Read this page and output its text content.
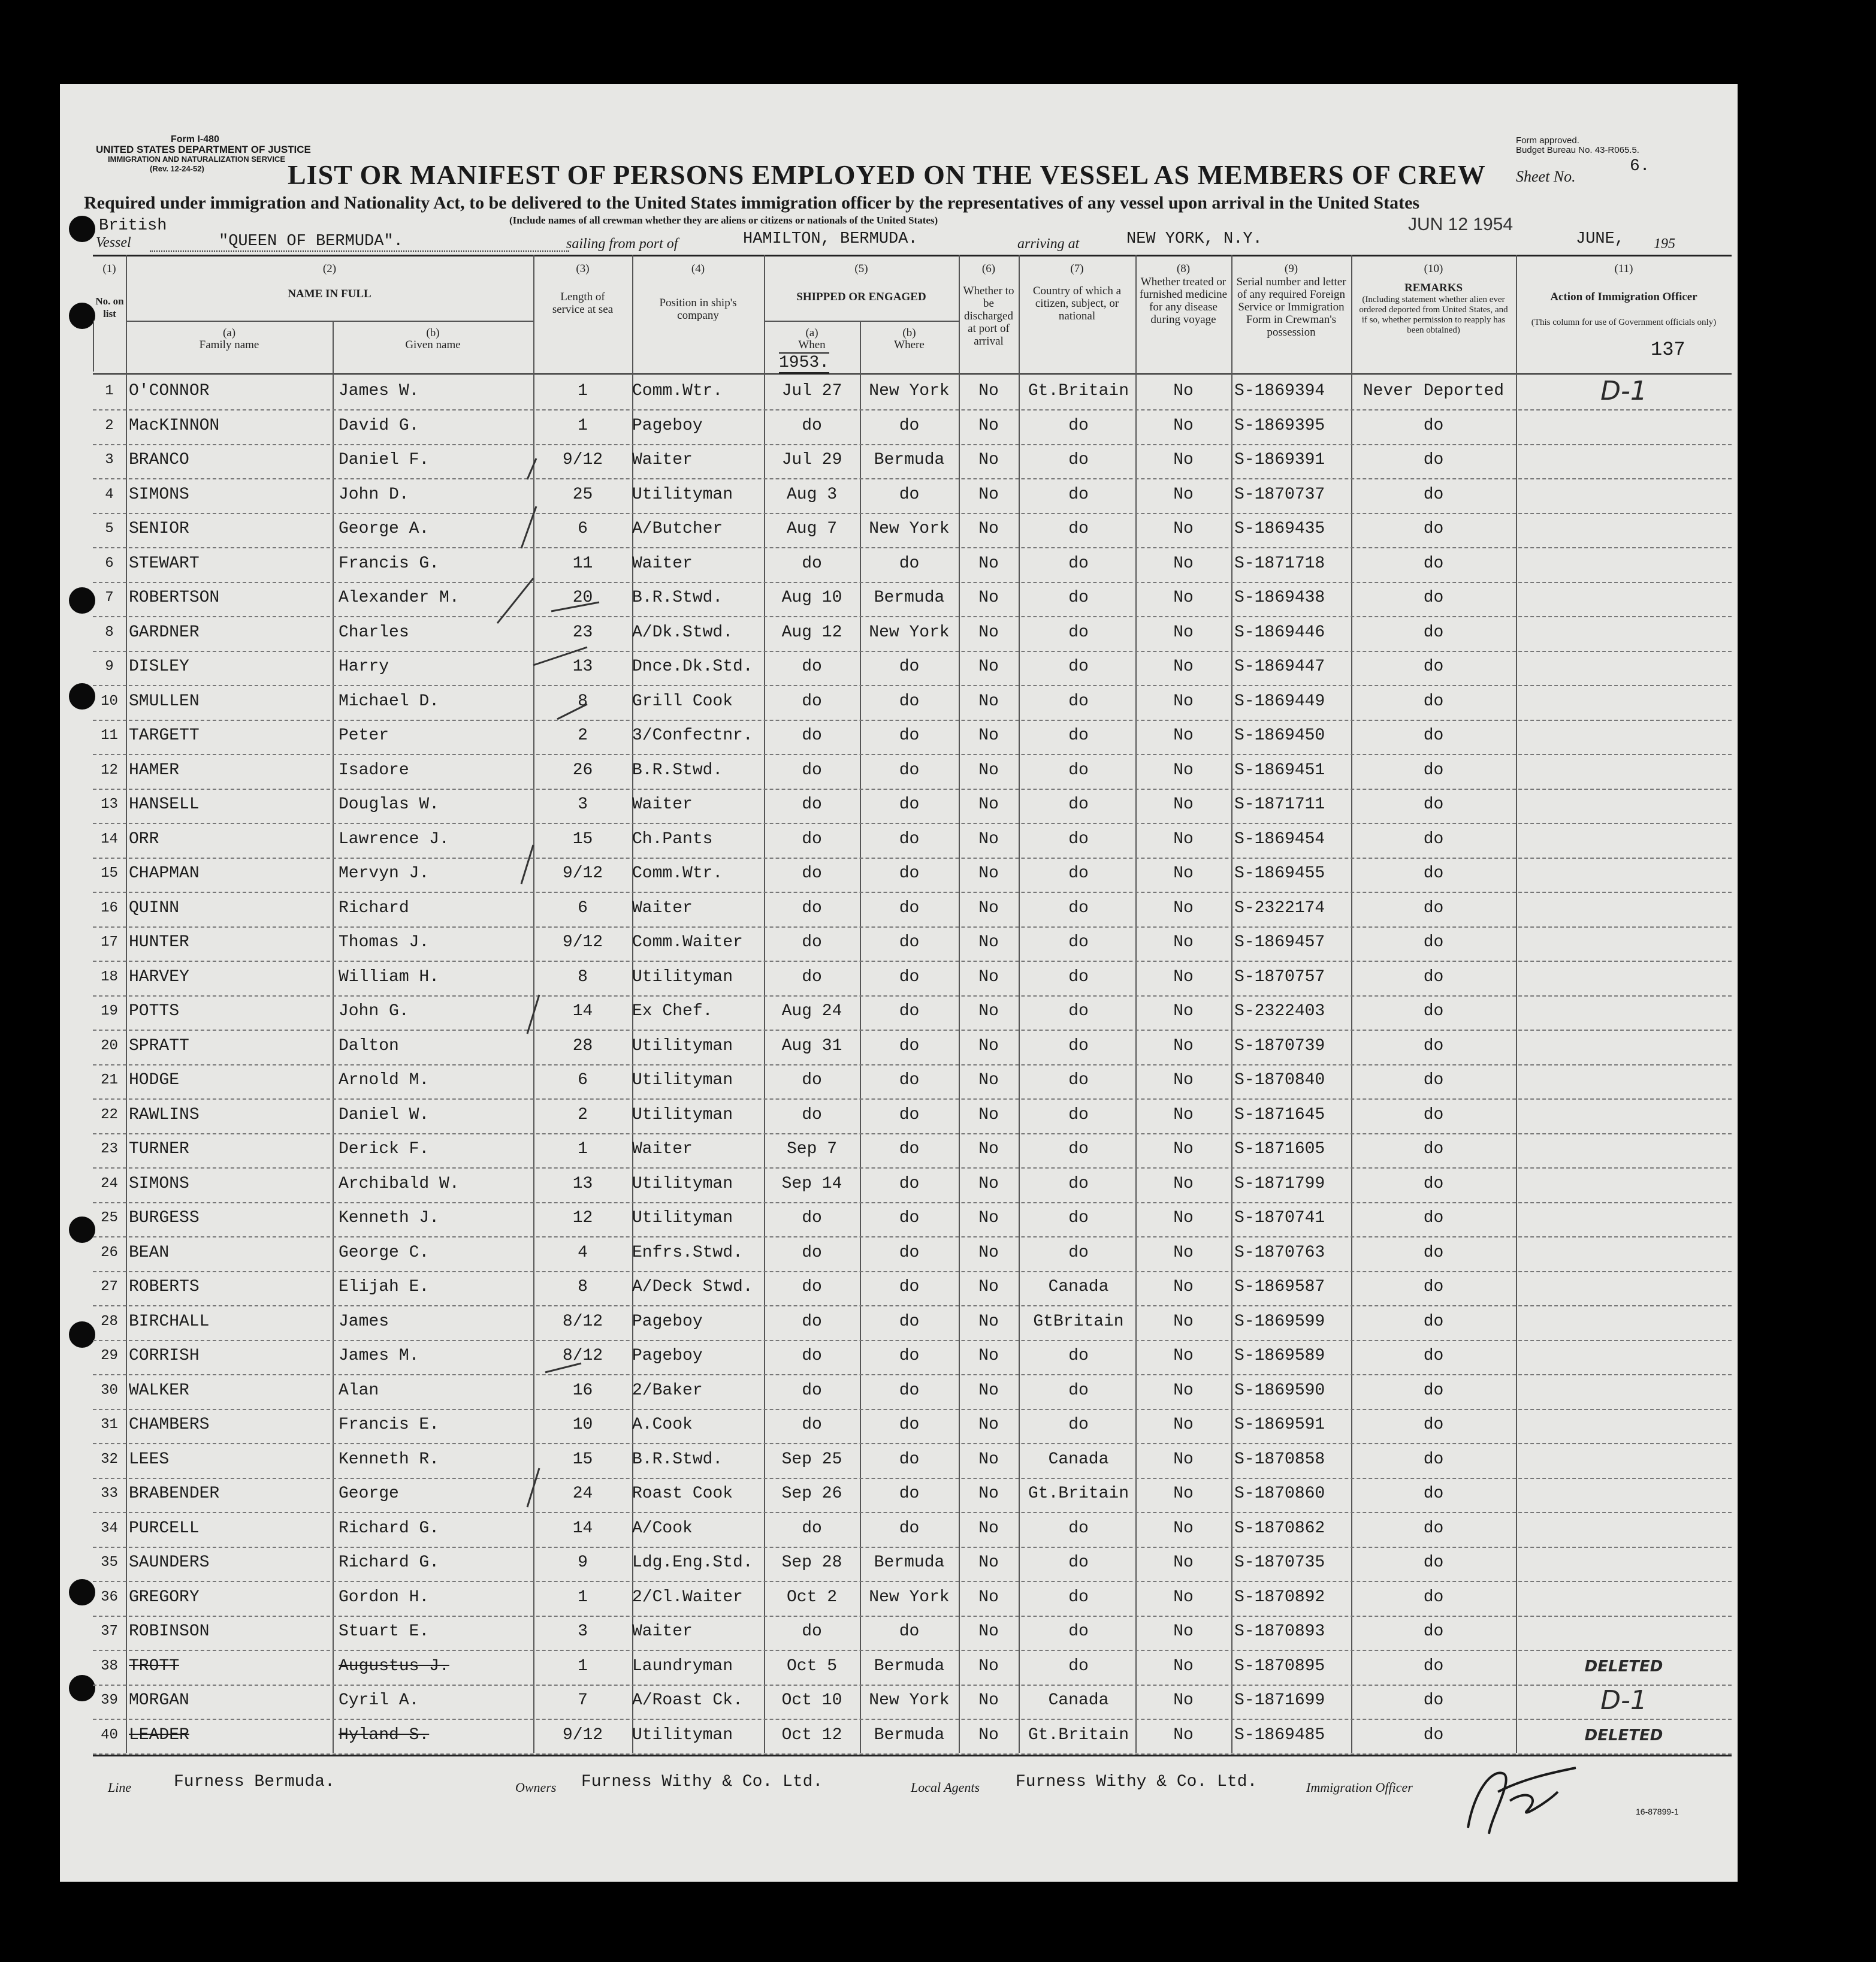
Form I-480
UNITED STATES DEPARTMENT OF JUSTICE
IMMIGRATION AND NATURALIZATION SERVICE
(Rev. 12-24-52)
Form approved.
Budget Bureau No. 43-R065.5.
LIST OR MANIFEST OF PERSONS EMPLOYED ON THE VESSEL AS MEMBERS OF CREW Sheet No.
6.
Required under immigration and Nationality Act, to be delivered to the United States immigration officer by the representatives of any vessel upon arrival in the United States
(Include names of all crewman whether they are aliens or citizens or nationals of the United States)
British
Vessel	"QUEEN OF BERMUDA".	sailing from port of	HAMILTON, BERMUDA.	arriving at	NEW YORK, N.Y.
JUN 12 1954
JUNE, 195
(1)
No. on list
(2)
NAME IN FULL
(a)
Family name
(b)
Given name
(3)
Length of service at sea
(4)
Position in ship's company
(5)
SHIPPED OR ENGAGED
(a)
When
1953.
(b)
Where
(6)
Whether to be discharged at port of arrival
(7)
Country of which a citizen, subject, or national
(8)
Whether treated or furnished medicine for any disease during voyage
(9)
Serial number and letter of any required Foreign Service or Immigration Form in Crewman's possession
(10)
REMARKS
(Including statement whether alien ever ordered deported from United States, and if so, whether permission to reapply has been obtained)
(11)
Action of Immigration Officer
(This column for use of Government officials only)
137
1 O'CONNOR	James W.	1	Comm.Wtr.	Jul 27	New York	No	Gt.Britain	No	S-1869394	Never Deported	D-1
2 MacKINNON	David G.	1	Pageboy	do	do	No	do	No	S-1869395	do
3 BRANCO	Daniel F.	9/12	Waiter	Jul 29	Bermuda	No	do	No	S-1869391	do
4 SIMONS	John D.	25	Utilityman	Aug 3	do	No	do	No	S-1870737	do
5 SENIOR	George A.	6	A/Butcher	Aug 7	New York	No	do	No	S-1869435	do
6 STEWART	Francis G.	11	Waiter	do	do	No	do	No	S-1871718	do
7 ROBERTSON	Alexander M.	20	B.R.Stwd.	Aug 10	Bermuda	No	do	No	S-1869438	do
8 GARDNER	Charles	23	A/Dk.Stwd.	Aug 12	New York	No	do	No	S-1869446	do
9 DISLEY	Harry	13	Dnce.Dk.Std.	do	do	No	do	No	S-1869447	do
10 SMULLEN	Michael D.	8	Grill Cook	do	do	No	do	No	S-1869449	do
11 TARGETT	Peter	2	3/Confectnr.	do	do	No	do	No	S-1869450	do
12 HAMER	Isadore	26	B.R.Stwd.	do	do	No	do	No	S-1869451	do
13 HANSELL	Douglas W.	3	Waiter	do	do	No	do	No	S-1871711	do
14 ORR	Lawrence J.	15	Ch.Pants	do	do	No	do	No	S-1869454	do
15 CHAPMAN	Mervyn J.	9/12	Comm.Wtr.	do	do	No	do	No	S-1869455	do
16 QUINN	Richard	6	Waiter	do	do	No	do	No	S-2322174	do
17 HUNTER	Thomas J.	9/12	Comm.Waiter	do	do	No	do	No	S-1869457	do
18 HARVEY	William H.	8	Utilityman	do	do	No	do	No	S-1870757	do
19 POTTS	John G.	14	Ex Chef.	Aug 24	do	No	do	No	S-2322403	do
20 SPRATT	Dalton	28	Utilityman	Aug 31	do	No	do	No	S-1870739	do
21 HODGE	Arnold M.	6	Utilityman	do	do	No	do	No	S-1870840	do
22 RAWLINS	Daniel W.	2	Utilityman	do	do	No	do	No	S-1871645	do
23 TURNER	Derick F.	1	Waiter	Sep 7	do	No	do	No	S-1871605	do
24 SIMONS	Archibald W.	13	Utilityman	Sep 14	do	No	do	No	S-1871799	do
25 BURGESS	Kenneth J.	12	Utilityman	do	do	No	do	No	S-1870741	do
26 BEAN	George C.	4	Enfrs.Stwd.	do	do	No	do	No	S-1870763	do
27 ROBERTS	Elijah E.	8	A/Deck Stwd.	do	do	No	Canada	No	S-1869587	do
28 BIRCHALL	James	8/12	Pageboy	do	do	No	GtBritain	No	S-1869599	do
29 CORRISH	James M.	8/12	Pageboy	do	do	No	do	No	S-1869589	do
30 WALKER	Alan	16	2/Baker	do	do	No	do	No	S-1869590	do
31 CHAMBERS	Francis E.	10	A.Cook	do	do	No	do	No	S-1869591	do
32 LEES	Kenneth R.	15	B.R.Stwd.	Sep 25	do	No	Canada	No	S-1870858	do
33 BRABENDER	George	24	Roast Cook	Sep 26	do	No	Gt.Britain	No	S-1870860	do
34 PURCELL	Richard G.	14	A/Cook	do	do	No	do	No	S-1870862	do
35 SAUNDERS	Richard G.	9	Ldg.Eng.Std.	Sep 28	Bermuda	No	do	No	S-1870735	do
36 GREGORY	Gordon H.	1	2/Cl.Waiter	Oct 2	New York	No	do	No	S-1870892	do
37 ROBINSON	Stuart E.	3	Waiter	do	do	No	do	No	S-1870893	do
38 TROTT	Augustus J.	1	Laundryman	Oct 5	Bermuda	No	do	No	S-1870895	do	DELETED
39 MORGAN	Cyril A.	7	A/Roast Ck.	Oct 10	New York	No	Canada	No	S-1871699	do	D-1
40 LEADER	Hyland S.	9/12	Utilityman	Oct 12	Bermuda	No	Gt.Britain	No	S-1869485	do	DELETED
Line	Furness Bermuda.	Owners Furness Withy & Co. Ltd.	Local Agents Furness Withy & Co. Ltd.	Immigration Officer
16-87899-1
